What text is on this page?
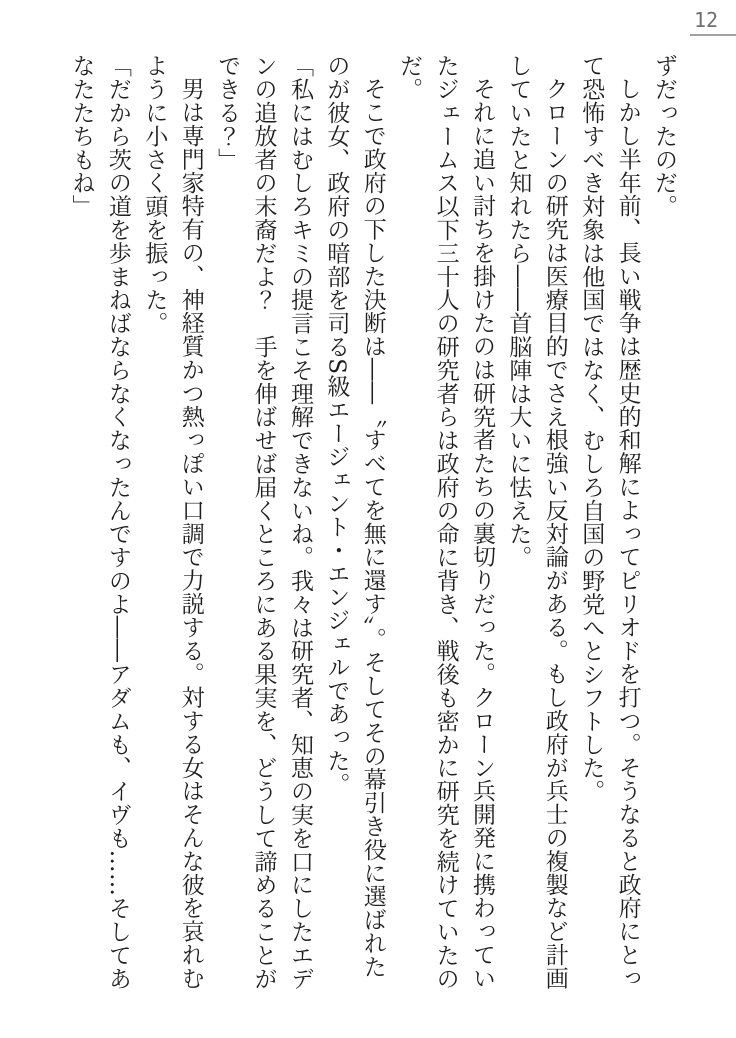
12

ずだったのだ。

しかし半年前、長い戦争は歴史的和解によってピリオドを打つ。そうなると政府にとっ

て恐怖すべき対象は他国ではなく、むしろ自国の野党へとシフトした。

クローンの研究は医療目的でさえ根強い反対論がある。もし政府が兵士の複製など計画

していたと知れたら――首脳陣は大いに怯えた。

それに追い討ちを掛けたのは研究者たちの裏切りだった。クローン兵開発に携わってい

たジェームス以下三十人の研究者らは政府の命に背き、戦後も密かに研究を続けていたの

だ。

そこで政府の下した決断は――〝すべてを無に還す〟。そしてその幕引き役に選ばれた

のが彼女、政府の暗部を司るS級エージェント・エンジェルであった。

「私にはむしろキミの提言こそ理解できないね。我々は研究者、知恵の実を口にしたエデ

ンの追放者の末裔だよ？　手を伸ばせば届くところにある果実を、どうして諦めることが

できる？」

男は専門家特有の、神経質かつ熱っぽい口調で力説する。対する女はそんな彼を哀れむ

ように小さく頭を振った。

「だから茨の道を歩まねばならなくなったんですのよ――アダムも、イヴも……そしてあ

なたたちもね」
